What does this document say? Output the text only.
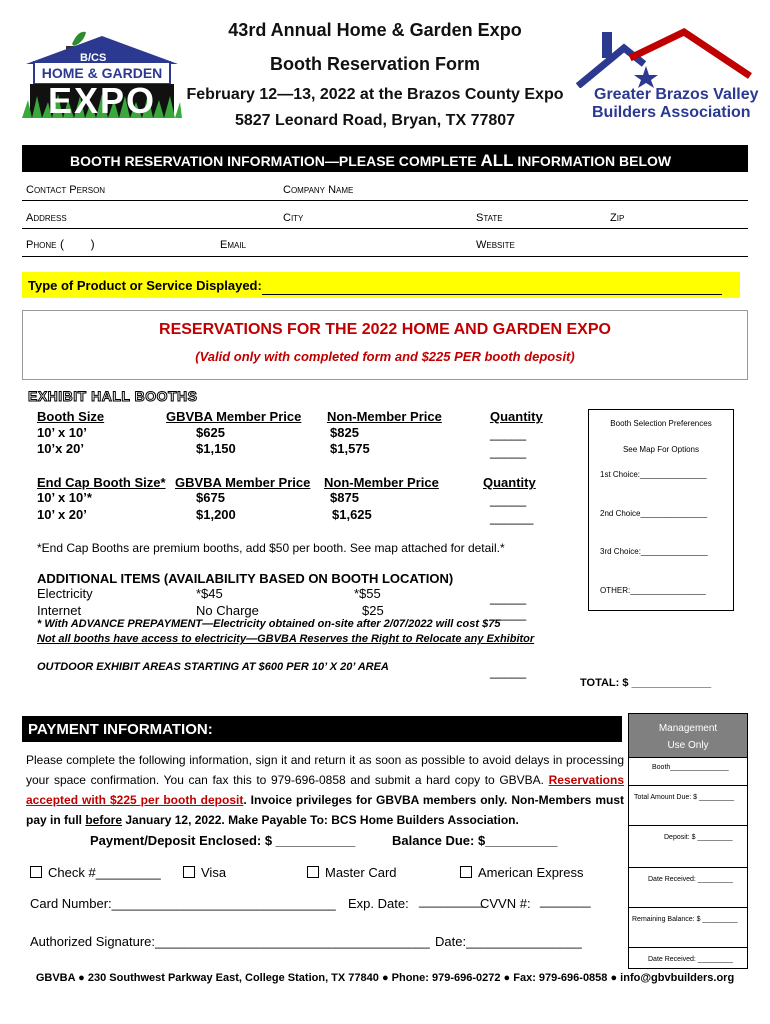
B/CS
HOME & GARDEN
EXPO
43rd Annual Home & Garden Expo
Booth Reservation Form
February 12—13, 2022 at the Brazos County Expo
5827 Leonard Road, Bryan, TX 77807
Greater Brazos Valley
Builders Association
BOOTH RESERVATION INFORMATION—PLEASE COMPLETE ALL INFORMATION BELOW
Contact Person	Company Name
Address	City	State	Zip
Phone (        )	Email	Website
Type of Product or Service Displayed:
RESERVATIONS FOR THE 2022 HOME AND GARDEN EXPO
(Valid only with completed form and $225 PER booth deposit)
EXHIBIT HALL BOOTHS
Booth Size	GBVBA Member Price Non-Member Price	Quantity
10’ x 10’	$625	$825	_____
10’x 20’	$1,150	$1,575	_____
End Cap Booth Size* GBVBA Member Price Non-Member Price	Quantity
10’ x 10’*	$675	$875	_____
10’ x 20’	$1,200	$1,625	______
*End Cap Booths are premium booths, add $50 per booth. See map attached for detail.*
Booth Selection Preferences
See Map For Options
1st Choice:_______________
2nd Choice_______________
3rd Choice:_______________
OTHER:_________________
ADDITIONAL ITEMS (AVAILABILITY BASED ON BOOTH LOCATION)
Electricity	*$45	*$55	_____
Internet	No Charge	$25	_____
* With ADVANCE PREPAYMENT—Electricity obtained on-site after 2/07/2022 will cost $75
Not all booths have access to electricity—GBVBA Reserves the Right to Relocate any Exhibitor
OUTDOOR EXHIBIT AREAS STARTING AT $600 PER 10’ X 20’ AREA	_____
TOTAL: $ _____________
PAYMENT INFORMATION:
Please complete the following information, sign it and return it as soon as possible to avoid delays in processing your space confirmation. You can fax this to 979-696-0858 and submit a hard copy to GBVBA. Reservations accepted with $225 per booth deposit. Invoice privileges for GBVBA members only. Non-Members must pay in full before January 12, 2022. Make Payable To: BCS Home Builders Association.
Payment/Deposit Enclosed: $ ___________	Balance Due: $__________
Check #_________	Visa	Master Card	American Express
Card Number:_______________________________ Exp. Date: _________
CVVN #: _______
Authorized Signature:______________________________________ Date:________________
Management
Use Only
Booth_______________
Total Amount Due: $ _________
Deposit: $ _________
Date Received: _________
Remaining Balance: $ _________
Date Received: _________
GBVBA ● 230 Southwest Parkway East, College Station, TX 77840 ● Phone: 979-696-0272 ● Fax: 979-696-0858 ● info@gbvbuilders.org
